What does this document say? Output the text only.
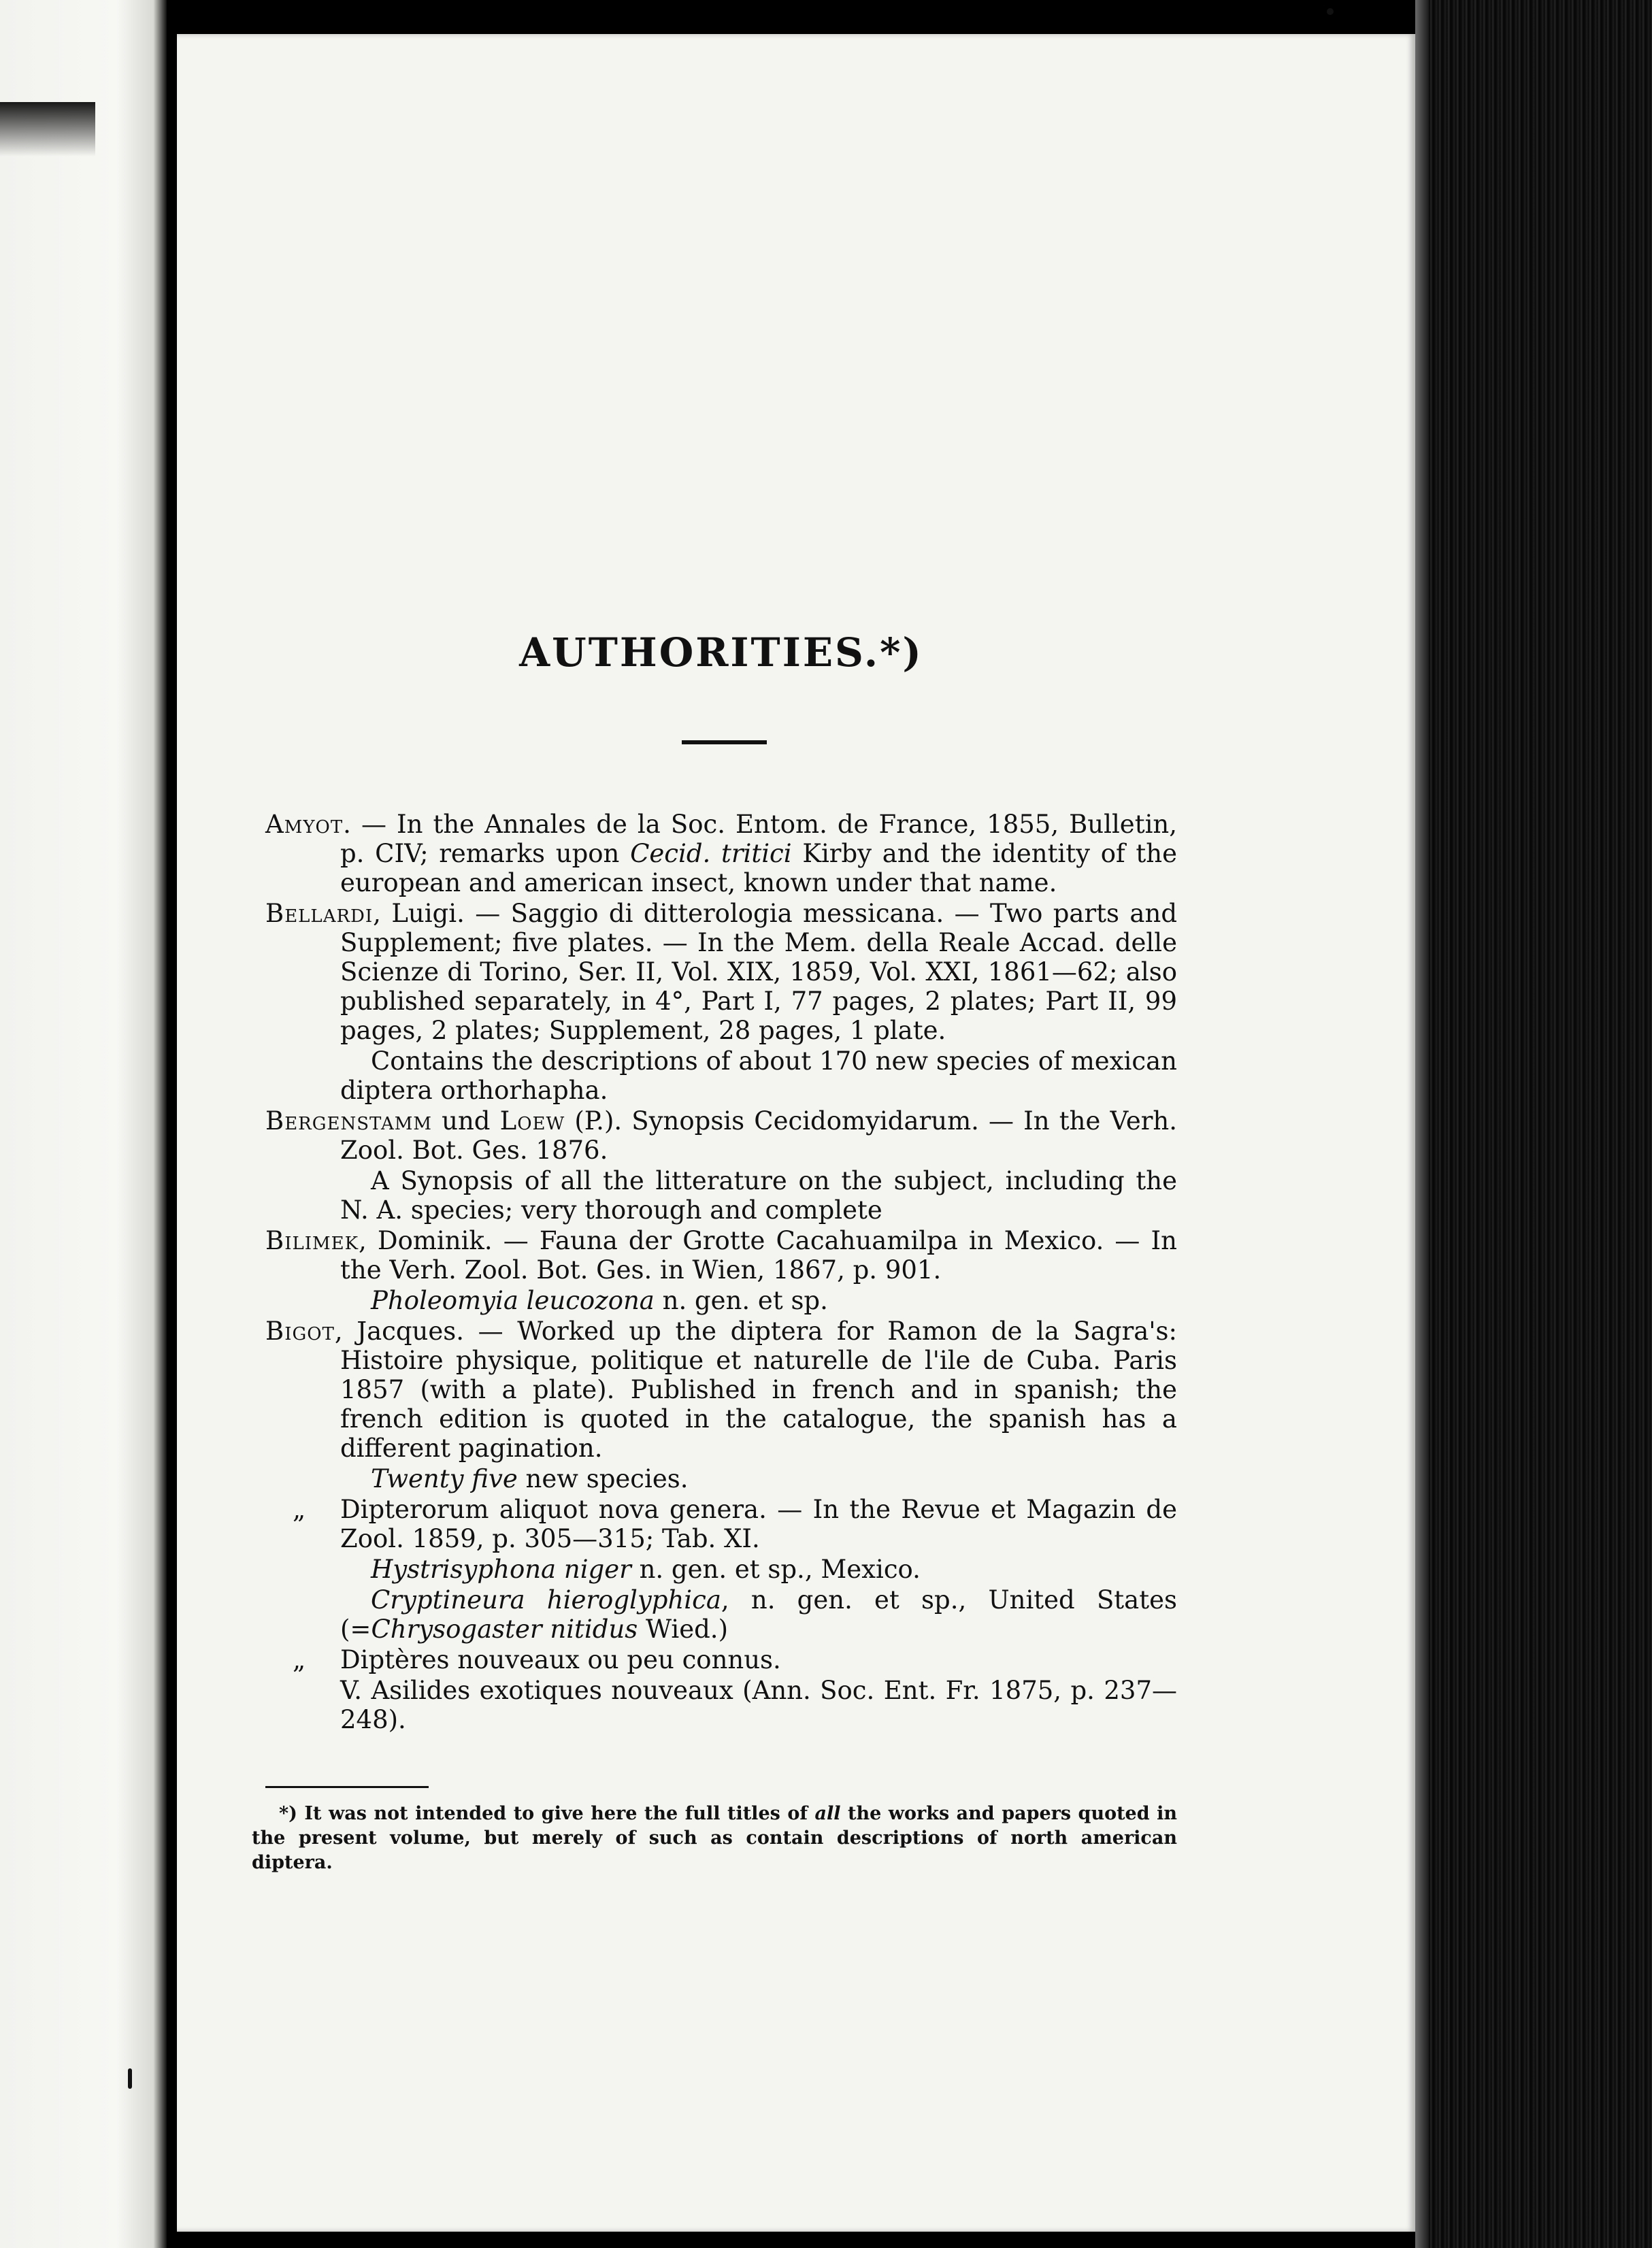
AUTHORITIES.*)

Amyot. — In the Annales de la Soc. Entom. de France, 1855, Bulletin, p. CIV; remarks upon Cecid. tritici Kirby and the identity of the european and american insect, known under that name.

Bellardi, Luigi. — Saggio di ditterologia messicana. — Two parts and Supplement; five plates. — In the Mem. della Reale Accad. delle Scienze di Torino, Ser. II, Vol. XIX, 1859, Vol. XXI, 1861—62; also published separately, in 4°, Part I, 77 pages, 2 plates; Part II, 99 pages, 2 plates; Supplement, 28 pages, 1 plate.

Contains the descriptions of about 170 new species of mexican diptera orthorhapha.

Bergenstamm und Loew (P.). Synopsis Cecidomyidarum. — In the Verh. Zool. Bot. Ges. 1876.

A Synopsis of all the litterature on the subject, including the N. A. species; very thorough and complete

Bilimek, Dominik. — Fauna der Grotte Cacahuamilpa in Mexico. — In the Verh. Zool. Bot. Ges. in Wien, 1867, p. 901.

Pholeomyia leucozona n. gen. et sp.

Bigot, Jacques. — Worked up the diptera for Ramon de la Sagra's: Histoire physique, politique et naturelle de l'ile de Cuba. Paris 1857 (with a plate). Published in french and in spanish; the french edition is quoted in the catalogue, the spanish has a different pagination.

Twenty five new species.

„ Dipterorum aliquot nova genera. — In the Revue et Magazin de Zool. 1859, p. 305—315; Tab. XI.

Hystrisyphona niger n. gen. et sp., Mexico.

Cryptineura hieroglyphica, n. gen. et sp., United States (=Chrysogaster nitidus Wied.)

„ Diptères nouveaux ou peu connus.

V. Asilides exotiques nouveaux (Ann. Soc. Ent. Fr. 1875, p. 237—248).

*) It was not intended to give here the full titles of all the works and papers quoted in the present volume, but merely of such as contain descriptions of north american diptera.
